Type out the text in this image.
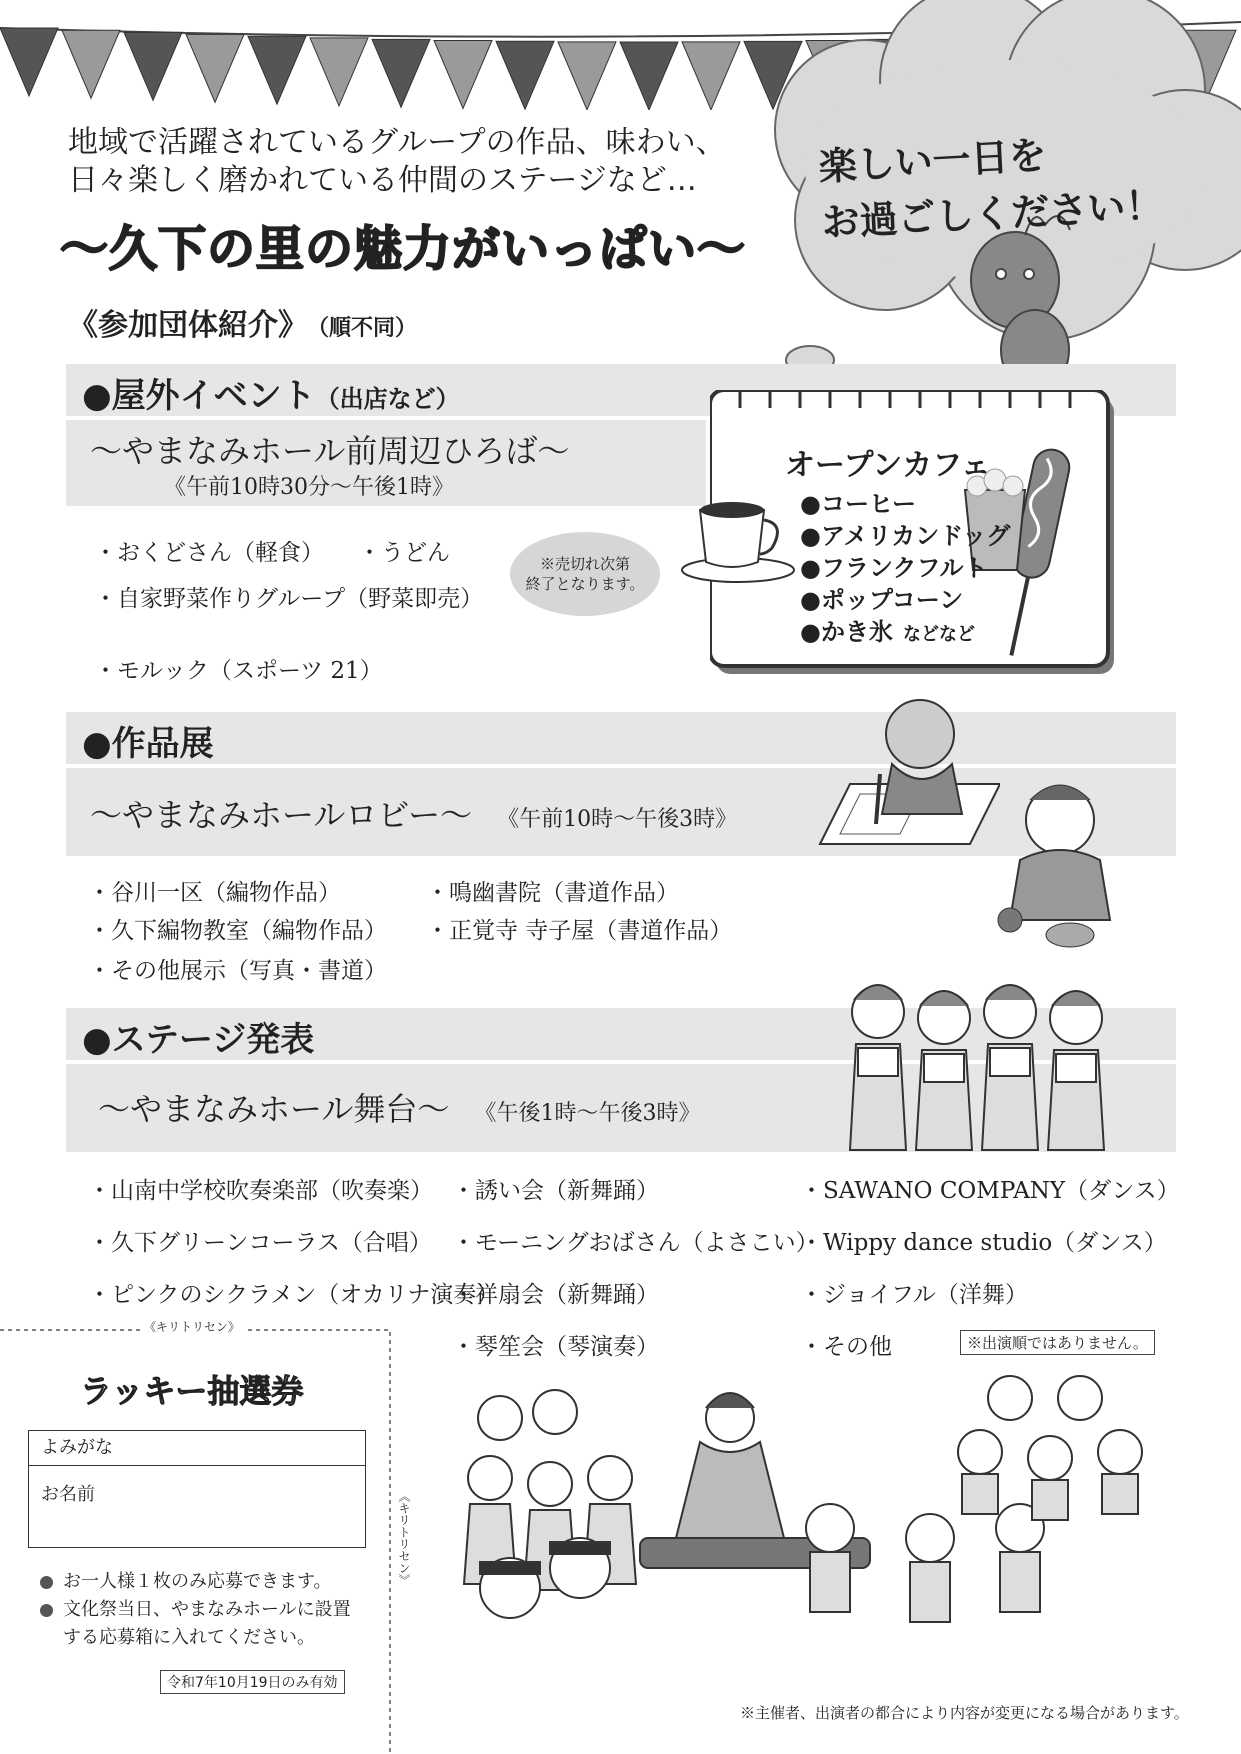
楽しい一日を
お過ごしください！
地域で活躍されているグループの作品、味わい、
日々楽しく磨かれている仲間のステージなど…
〜久下の里の魅力がいっぱい〜
《参加団体紹介》 （順不同）
●屋外イベント（出店など）
〜やまなみホール前周辺ひろば〜
《午前10時30分〜午後1時》
・おくどさん（軽食） ・うどん
・自家野菜作りグループ（野菜即売）
・モルック（スポーツ 21）
※売切れ次第
終了となります。
オープンカフェ
●コーヒー
●アメリカンドッグ
●フランクフルト
●ポップコーン
●かき氷 などなど
●作品展
〜やまなみホールロビー〜 《午前10時〜午後3時》
・谷川一区（編物作品）
・久下編物教室（編物作品）
・その他展示（写真・書道）
・鳴幽書院（書道作品）
・正覚寺 寺子屋（書道作品）
●ステージ発表
〜やまなみホール舞台〜 《午後1時〜午後3時》
・山南中学校吹奏楽部（吹奏楽）
・久下グリーンコーラス（合唱）
・ピンクのシクラメン（オカリナ演奏）
・誘い会（新舞踊）
・モーニングおばさん（よさこい）
・祥扇会（新舞踊）
・琴笙会（琴演奏）
・SAWANO COMPANY（ダンス）
・Wippy dance studio（ダンス）
・ジョイフル（洋舞）
・その他	※出演順ではありません。
《キリトリセン》
《キリトリセン》
ラッキー抽選券
よみがな
お名前
お一人様１枚のみ応募できます。
文化祭当日、やまなみホールに設置
する応募箱に入れてください。
令和7年10月19日のみ有効
※主催者、出演者の都合により内容が変更になる場合があります。
